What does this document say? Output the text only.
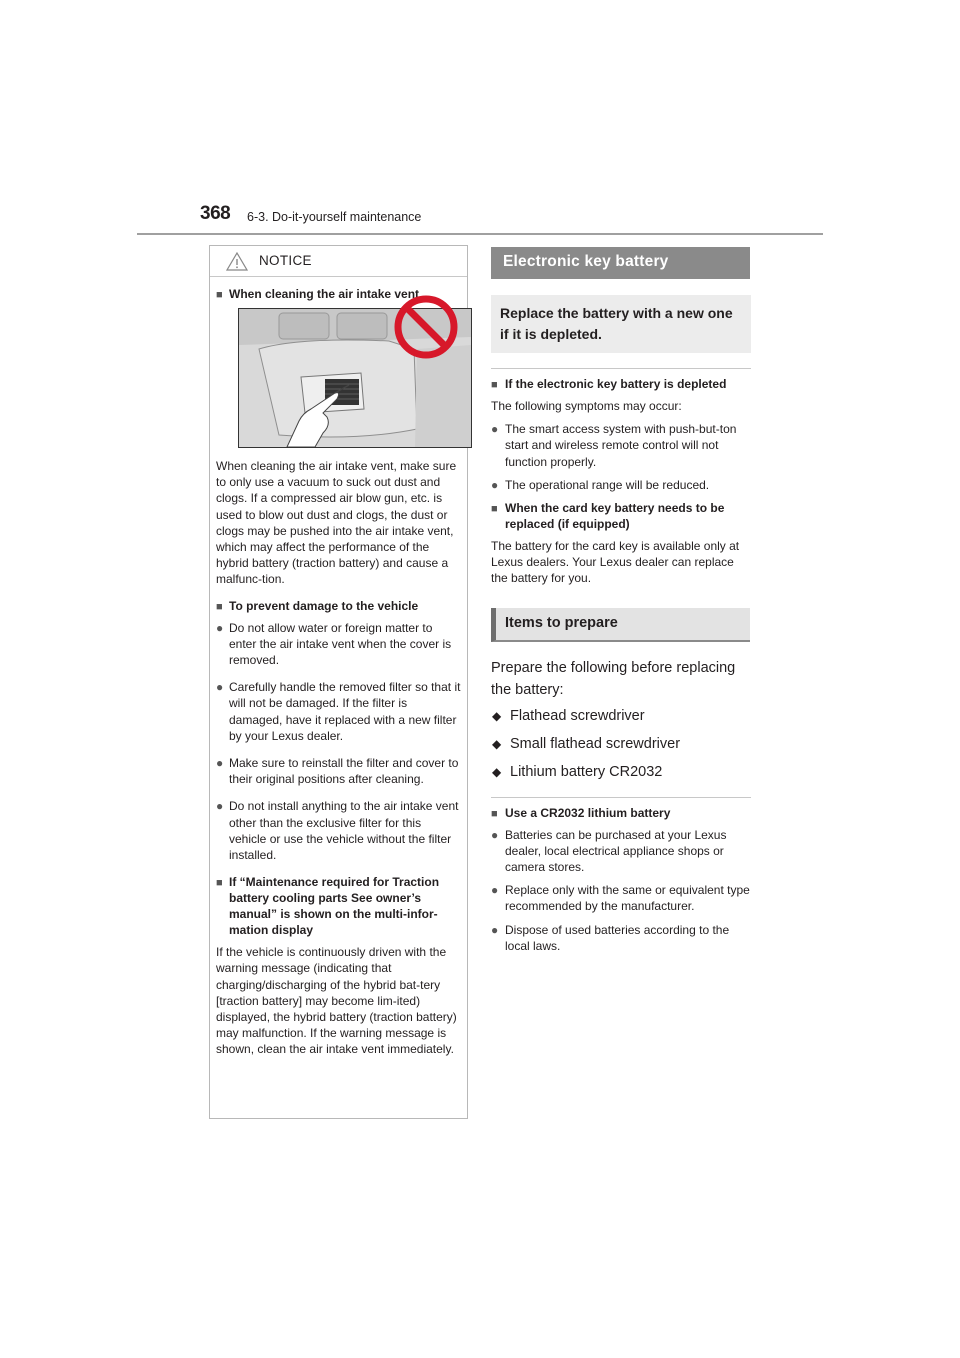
368 6-3. Do-it-yourself maintenance
NOTICE
■ When cleaning the air intake vent

When cleaning the air intake vent, make sure to only use a vacuum to suck out dust and clogs. If a compressed air blow gun, etc. is used to blow out dust and clogs, the dust or clogs may be pushed into the air intake vent, which may affect the performance of the hybrid battery (traction battery) and cause a malfunc-tion.

■ To prevent damage to the vehicle
● Do not allow water or foreign matter to enter the air intake vent when the cover is removed.
● Carefully handle the removed filter so that it will not be damaged. If the filter is damaged, have it replaced with a new filter by your Lexus dealer.
● Make sure to reinstall the filter and cover to their original positions after cleaning.
● Do not install anything to the air intake vent other than the exclusive filter for this vehicle or use the vehicle without the filter installed.
■ If “Maintenance required for Traction battery cooling parts See owner’s manual” is shown on the multi-infor-mation display

If the vehicle is continuously driven with the warning message (indicating that charging/discharging of the hybrid bat-tery [traction battery] may become lim-ited) displayed, the hybrid battery (traction battery) may malfunction. If the warning message is shown, clean the air intake vent immediately.

Electronic key battery
Replace the battery with a new one if it is depleted.
■ If the electronic key battery is depleted

The following symptoms may occur:

● The smart access system with push-but-ton start and wireless remote control will not function properly.
● The operational range will be reduced.
■ When the card key battery needs to be replaced (if equipped)

The battery for the card key is available only at Lexus dealers. Your Lexus dealer can replace the battery for you.

Items to prepare

Prepare the following before replacing the battery:

◆ Flathead screwdriver
◆ Small flathead screwdriver
◆ Lithium battery CR2032
■ Use a CR2032 lithium battery
● Batteries can be purchased at your Lexus dealer, local electrical appliance shops or camera stores.
● Replace only with the same or equivalent type recommended by the manufacturer.
● Dispose of used batteries according to the local laws.
